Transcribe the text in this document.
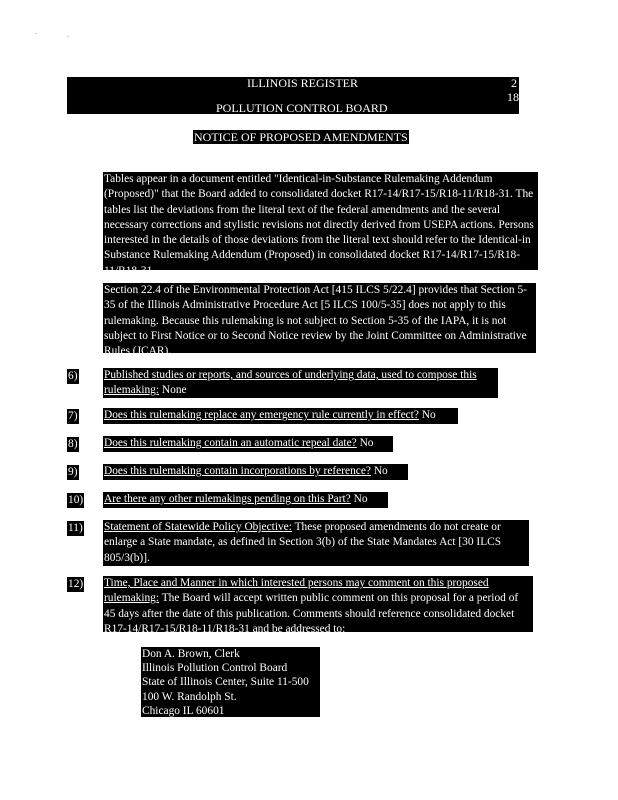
ILLINOIS REGISTER	2
18
POLLUTION CONTROL BOARD
NOTICE OF PROPOSED AMENDMENTS
Tables appear in a document entitled "Identical-in-Substance Rulemaking Addendum (Proposed)" that the Board added to consolidated docket R17-14/R17-15/R18-11/R18-31. The tables list the deviations from the literal text of the federal amendments and the several necessary corrections and stylistic revisions not directly derived from USEPA actions. Persons interested in the details of those deviations from the literal text should refer to the Identical-in Substance Rulemaking Addendum (Proposed) in consolidated docket R17-14/R17-15/R18-11/R18-31.
Section 22.4 of the Environmental Protection Act [415 ILCS 5/22.4] provides that Section 5-35 of the Illinois Administrative Procedure Act [5 ILCS 100/5-35] does not apply to this rulemaking. Because this rulemaking is not subject to Section 5-35 of the IAPA, it is not subject to First Notice or to Second Notice review by the Joint Committee on Administrative Rules (JCAR).
6) Published studies or reports, and sources of underlying data, used to compose this rulemaking: None
7) Does this rulemaking replace any emergency rule currently in effect? No
8) Does this rulemaking contain an automatic repeal date? No
9) Does this rulemaking contain incorporations by reference? No
10) Are there any other rulemakings pending on this Part? No
11) Statement of Statewide Policy Objective: These proposed amendments do not create or enlarge a State mandate, as defined in Section 3(b) of the State Mandates Act [30 ILCS 805/3(b)].
12) Time, Place and Manner in which interested persons may comment on this proposed rulemaking: The Board will accept written public comment on this proposal for a period of 45 days after the date of this publication. Comments should reference consolidated docket R17-14/R17-15/R18-11/R18-31 and be addressed to:
Don A. Brown, Clerk
Illinois Pollution Control Board
State of Illinois Center, Suite 11-500
100 W. Randolph St.
Chicago IL 60601
